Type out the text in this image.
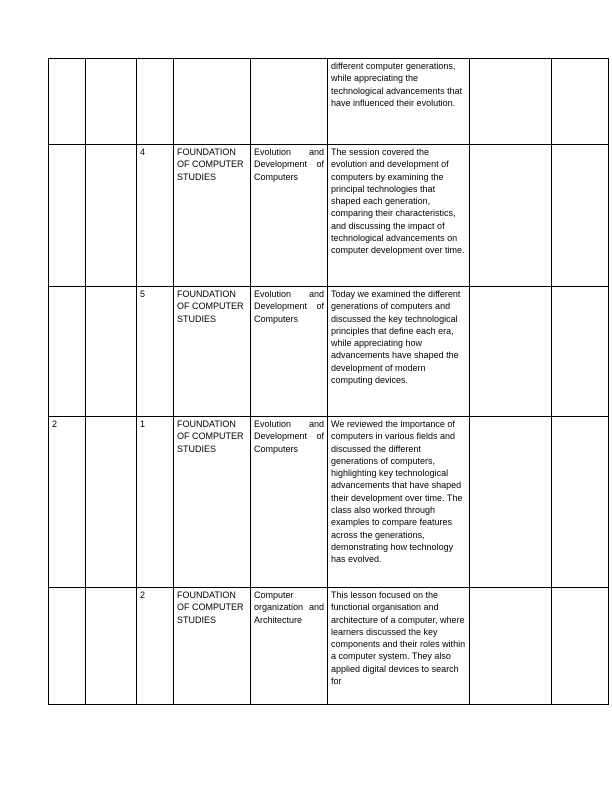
					different computer generations, while appreciating the technological advancements that have influenced their evolution.		
		4	FOUNDATION OF COMPUTER STUDIES	Evolution and Development of Computers	The session covered the evolution and development of computers by examining the principal technologies that shaped each generation, comparing their characteristics, and discussing the impact of technological advancements on computer development over time.		
		5	FOUNDATION OF COMPUTER STUDIES	Evolution and Development of Computers	Today we examined the different generations of computers and discussed the key technological principles that define each era, while appreciating how advancements have shaped the development of modern computing devices.		
2		1	FOUNDATION OF COMPUTER STUDIES	Evolution and Development of Computers	We reviewed the importance of computers in various fields and discussed the different generations of computers, highlighting key technological advancements that have shaped their development over time. The class also worked through examples to compare features across the generations, demonstrating how technology has evolved.		
		2	FOUNDATION OF COMPUTER STUDIES	Computer organization and Architecture	This lesson focused on the functional organisation and architecture of a computer, where learners discussed the key components and their roles within a computer system. They also applied digital devices to search for		
